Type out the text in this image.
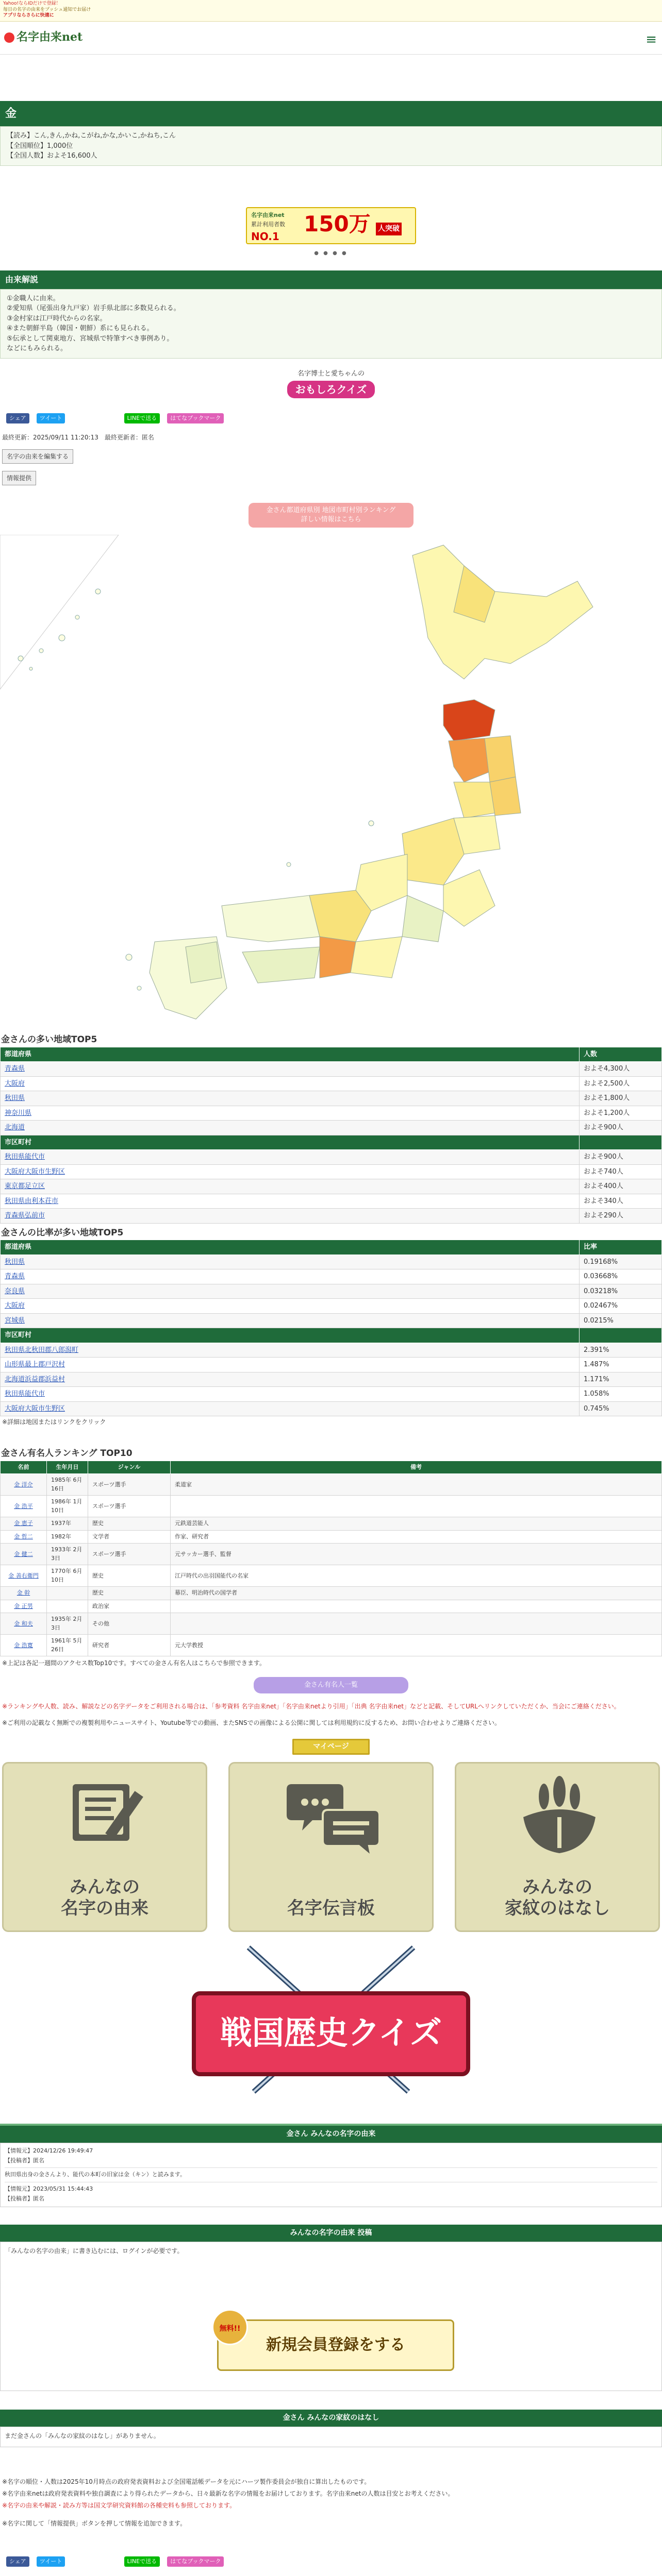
Yahoo!ならIDだけで登録！
毎日の名字の由来をプッシュ通知でお届け
アプリならさらに快適に
名字由来net	≡
金
【読み】こん,きん,かね,こがね,かな,かいこ,かねち,こん
【全国順位】1,000位
【全国人数】およそ16,600人
名字由来net
累計利用者数
NO.1 150万 人突破
● ● ● ●
由来解説
①金職人に由来。
②愛知県（尾張出身九戸家）岩手県北部に多数見られる。
③金村家は江戸時代からの名家。
④また朝鮮半島（韓国・朝鮮）系にも見られる。
⑤伝承として関東地方、宮城県で特筆すべき事例あり。
などにもみられる。
名字博士と愛ちゃんの
おもしろクイズ
シェア ツイート	LINEで送る はてなブックマーク
最終更新：2025/09/11 11:20:13　最終更新者：匿名
名字の由来を編集する
情報提供
金さん都道府県別 地図市町村別ランキング
詳しい情報はこちら
金さんの多い地域TOP5
都道府県	人数
青森県	およそ4,300人
大阪府	およそ2,500人
秋田県	およそ1,800人
神奈川県	およそ1,200人
北海道	およそ900人
市区町村	
秋田県能代市	およそ900人
大阪府大阪市生野区	およそ740人
東京都足立区	およそ400人
秋田県由利本荘市	およそ340人
青森県弘前市	およそ290人
金さんの比率が多い地域TOP5
都道府県	比率
秋田県	0.19168%
青森県	0.03668%
奈良県	0.03218%
大阪府	0.02467%
宮城県	0.0215%
市区町村	
秋田県北秋田郡八郎潟町	2.391%
山形県最上郡戸沢村	1.487%
北海道浜益郡浜益村	1.171%
秋田県能代市	1.058%
大阪府大阪市生野区	0.745%
※詳細は地図またはリンクをクリック
金さん有名人ランキング TOP10
名前	生年月日	ジャンル	備考
金 洋介	1985年 6月16日	スポーツ選手	柔道家
金 浩平	1986年 1月10日	スポーツ選手	
金 恵子	1937年	歴史	元鉄道芸能人
金 哲二	1982年	文学者	作家、研究者
金 健二	1933年 2月3日	スポーツ選手	元サッカー選手、監督
金 善右衛門	1770年 6月10日	歴史	江戸時代の出羽国能代の名家
金 幹		歴史	幕臣、明治時代の国学者
金 正男		政治家	
金 和夫	1935年 2月3日	その他	
金 浩寛	1961年 5月26日	研究者	元大学教授
※上記は各記一週間のアクセス数Top10です。すべての金さん有名人はこちらで参照できます。
金さん有名人一覧
※ランキングや人数、読み、解説などの名字データをご利用される場合は、「参考資料 名字由来net」「名字由来netより引用」「出典 名字由来net」などと記載、そしてURLへリンクしていただくか、当会にご連絡ください。
※ご利用の記載なく無断での複製利用やニュースサイト、Youtube等での動画、またSNSでの画像による公開に関しては利用規約に反するため、お問い合わせよりご連絡ください。
マイページ
みんなの
名字の由来	名字伝言板
みんなの
家紋のはなし
戦国歴史クイズ
金さん みんなの名字の由来
【情報元】2024/12/26 19:49:47
【投稿者】匿名
秋田県出身の金さんより、能代の本町の旧家は金（キン）と読みます。
【情報元】2023/05/31 15:44:43
【投稿者】匿名
みんなの名字の由来 投稿
「みんなの名字の由来」に書き込むには、ログインが必要です。
新規会員登録をする
無料!!
金さん みんなの家紋のはなし
まだ金さんの「みんなの家紋のはなし」がありません。
※名字の順位・人数は2025年10月時点の政府発表資料および全国電話帳データを元にハーツ製作委員会が独自に算出したものです。
※名字由来netは政府発表資料や独自調査により得られたデータから、日々最新な名字の情報をお届けしております。名字由来netの人数は目安とお考えください。
※名字の由来や解説・読み方等は国文学研究資料館の各種史料も参照しております。
※名字に関して「情報提供」ボタンを押して情報を追加できます。
シェア ツイート	LINEで送る はてなブックマーク
